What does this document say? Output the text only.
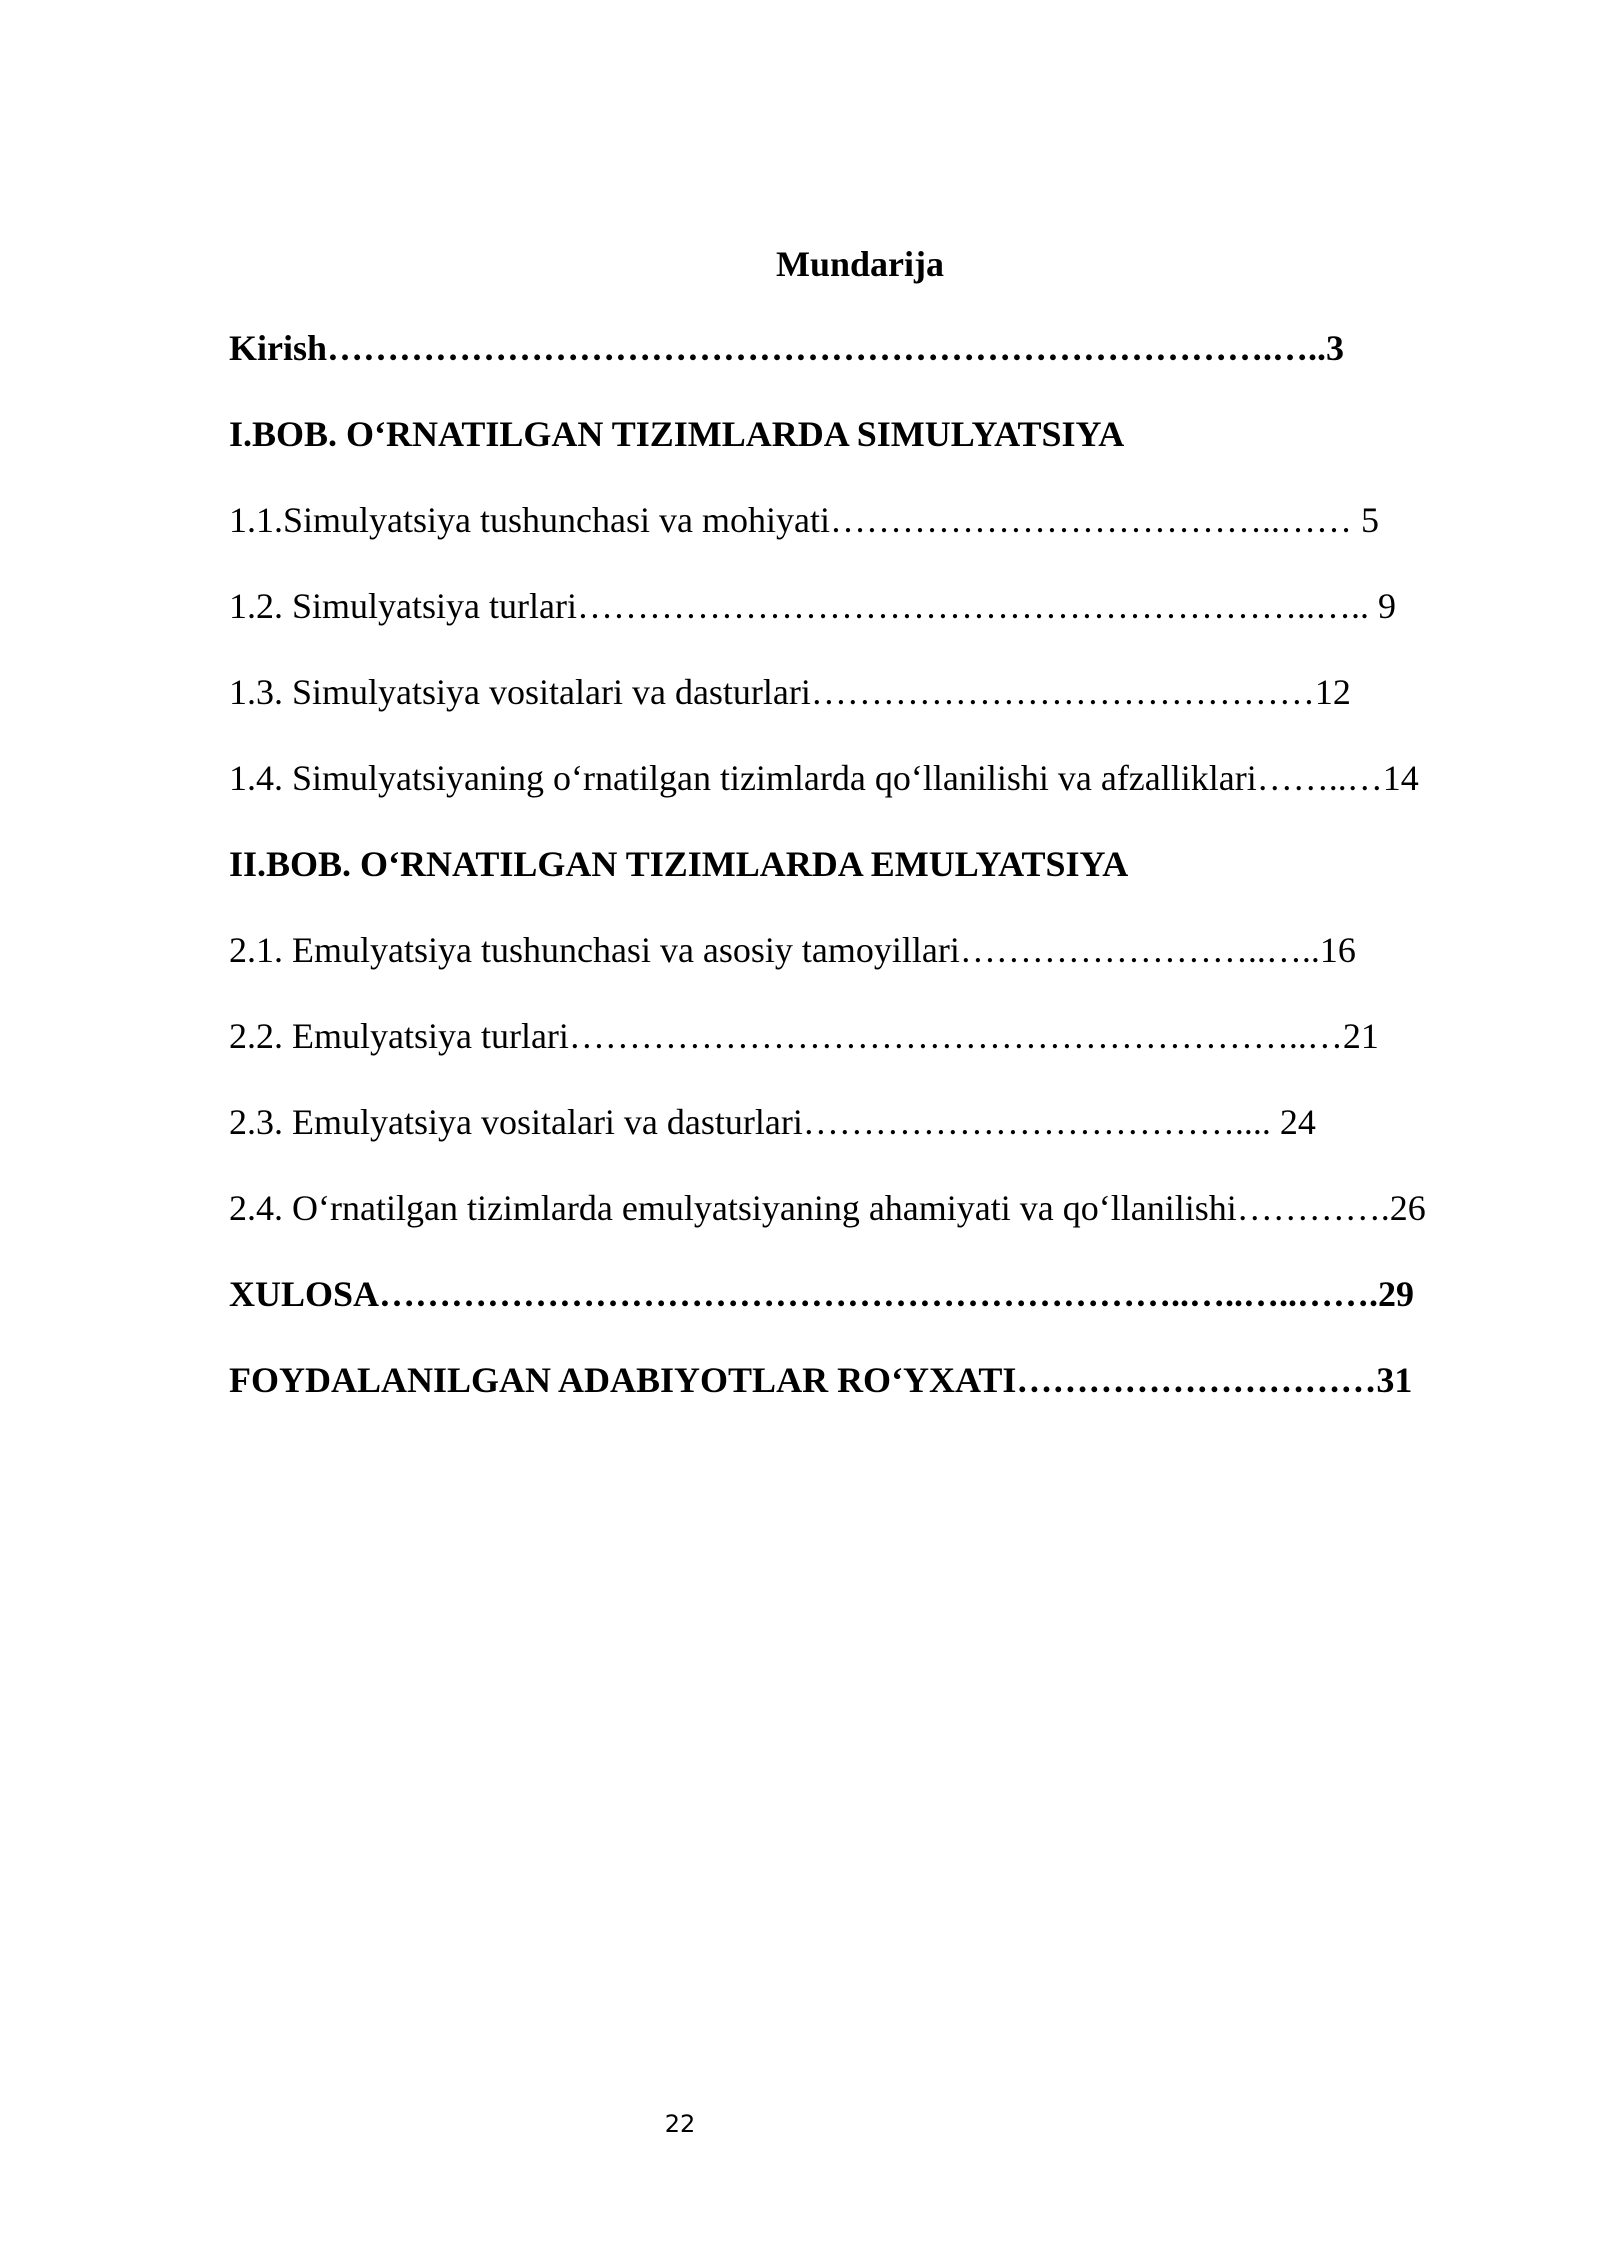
Mundarija
Kirish…………………………………………………………………….…..3
I.BOB. O‘RNATILGAN TIZIMLARDA SIMULYATSIYA
1.1.Simulyatsiya tushunchasi va mohiyati………………………………..…… 5
1.2. Simulyatsiya turlari……………………………………………………..….. 9
1.3. Simulyatsiya vositalari va dasturlari……………………………………12
1.4. Simulyatsiyaning o‘rnatilgan tizimlarda qo‘llanilishi va afzalliklari……..…14
II.BOB. O‘RNATILGAN TIZIMLARDA EMULYATSIYA
2.1. Emulyatsiya tushunchasi va asosiy tamoyillari……………………..…..16
2.2. Emulyatsiya turlari……………………………………………………..…21
2.3. Emulyatsiya vositalari va dasturlari……………………………….... 24
2.4. O‘rnatilgan tizimlarda emulyatsiyaning ahamiyati va qo‘llanilishi………….26
XULOSA…………………………………………………………..…..…..…….29
FOYDALANILGAN ADABIYOTLAR RO‘YXATI…………………………31
22
